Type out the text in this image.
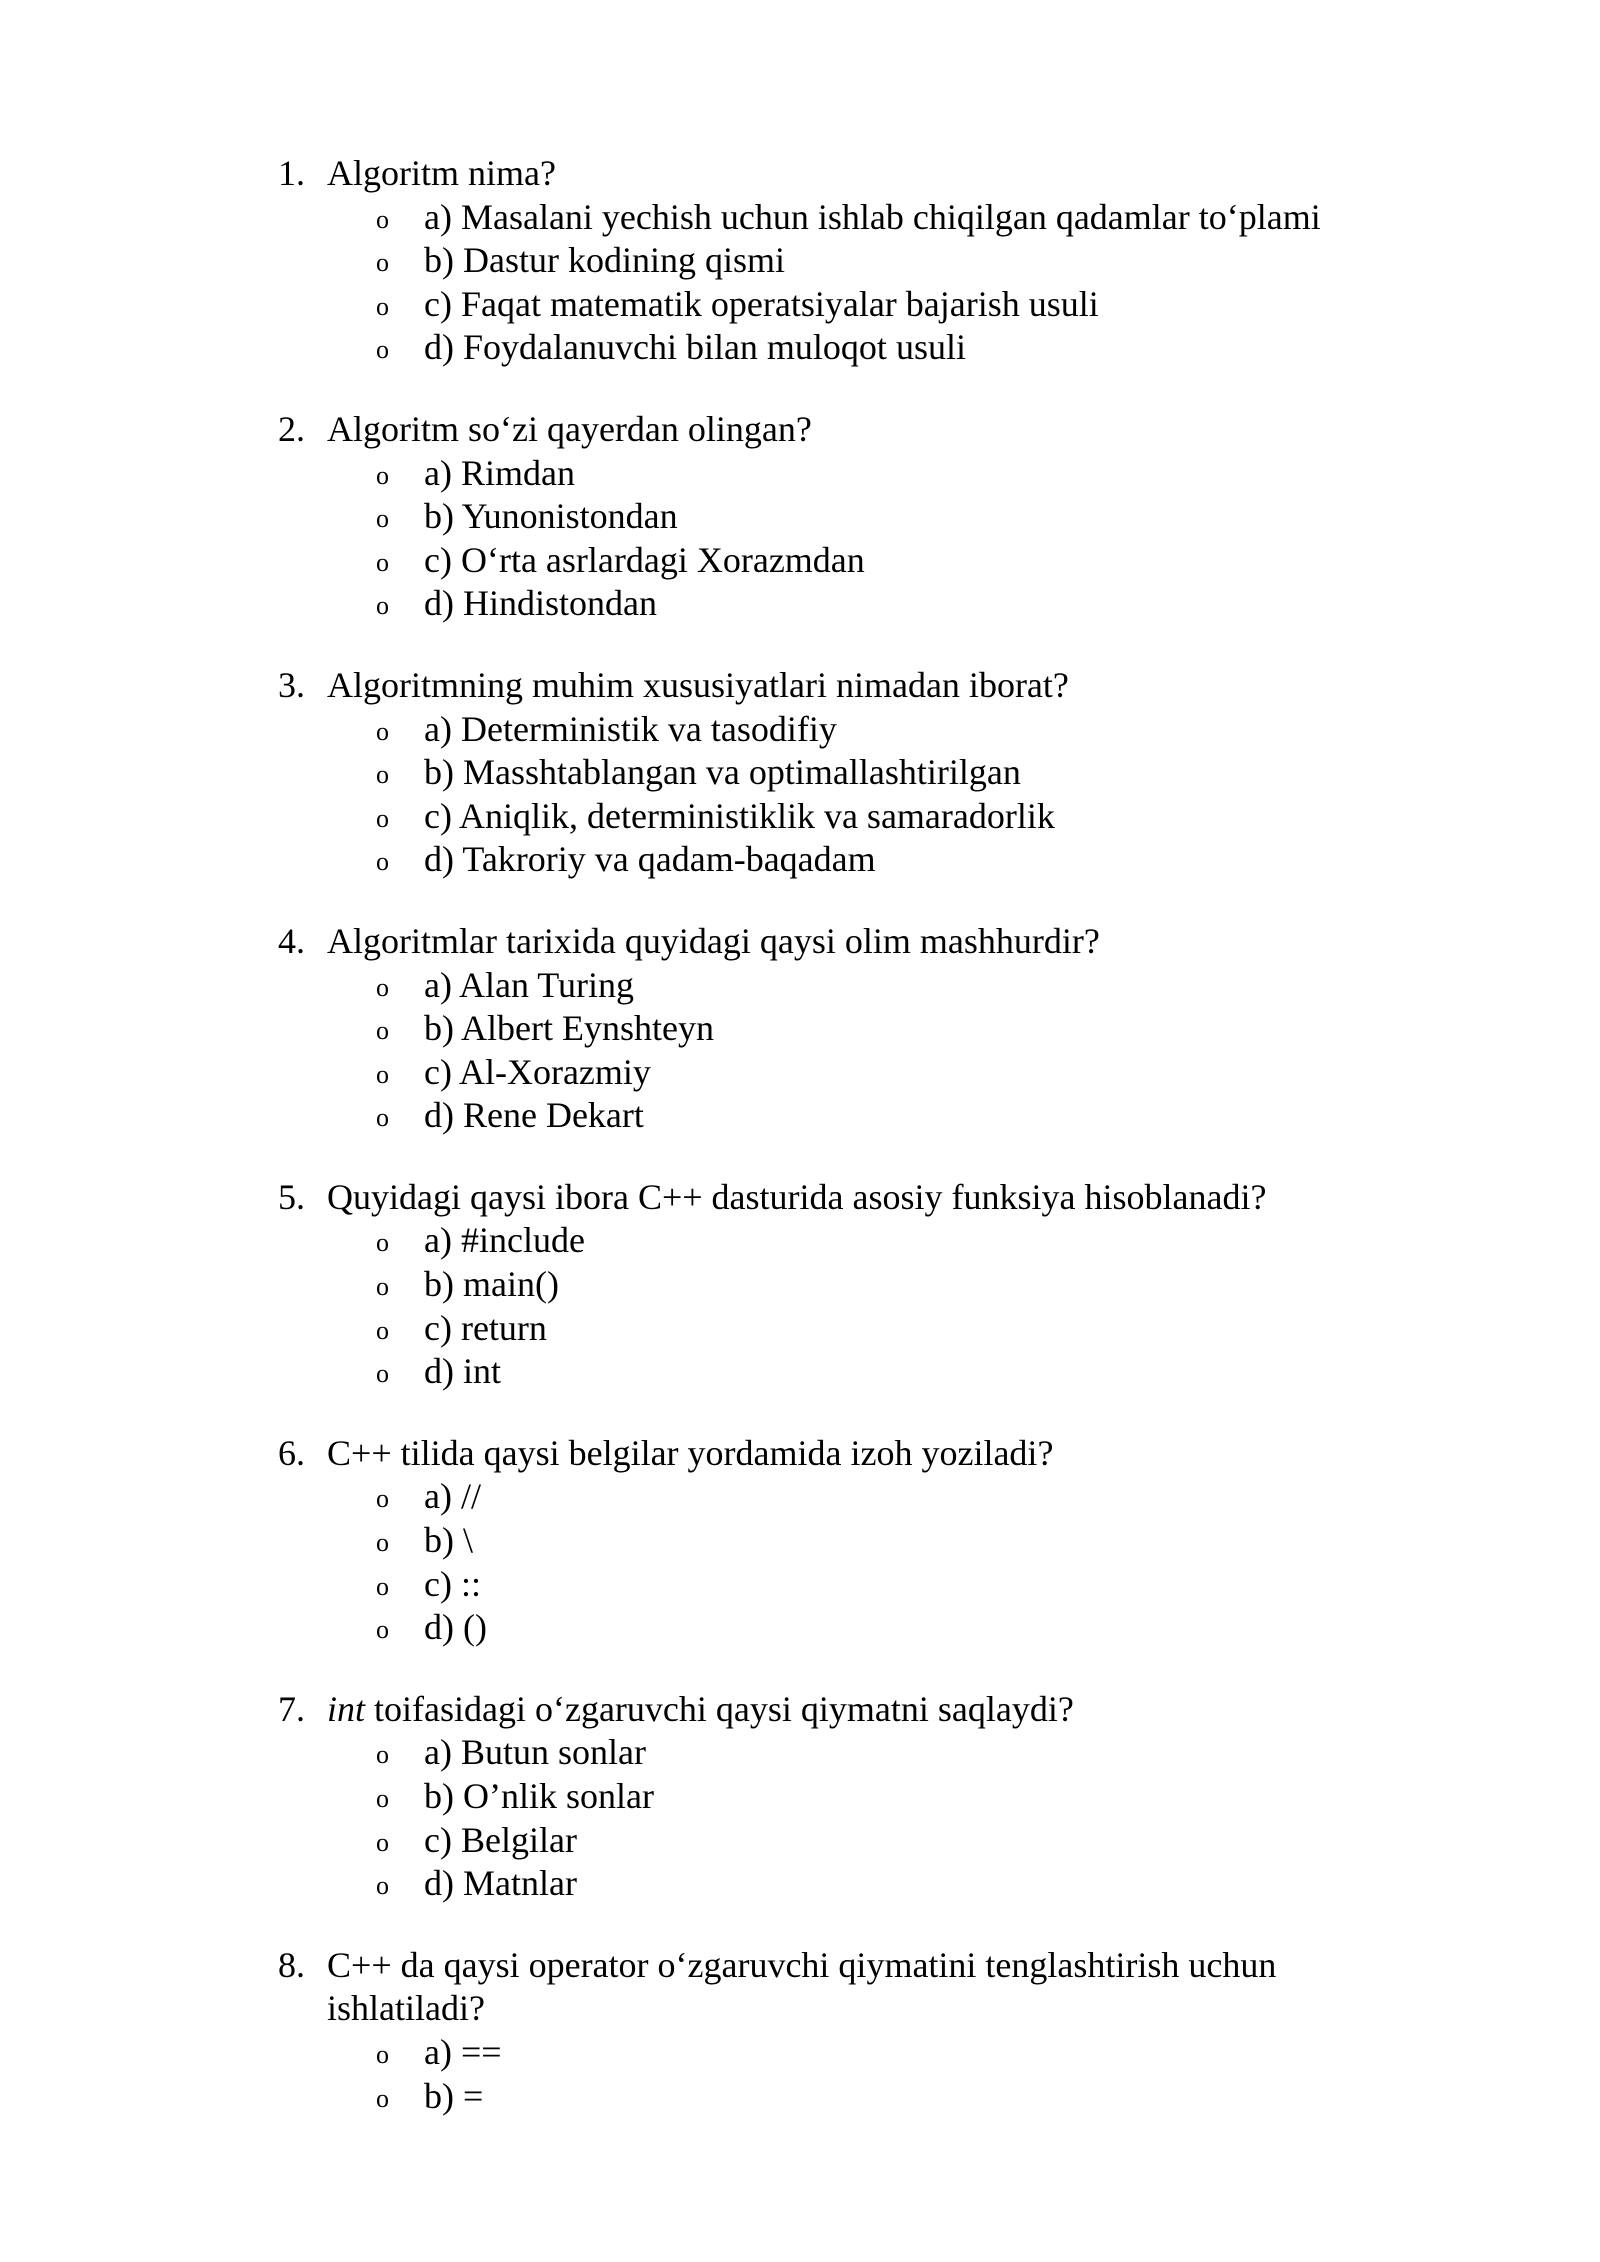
1. Algoritm nima?
o a) Masalani yechish uchun ishlab chiqilgan qadamlar to‘plami
o b) Dastur kodining qismi
o c) Faqat matematik operatsiyalar bajarish usuli
o d) Foydalanuvchi bilan muloqot usuli
2. Algoritm so‘zi qayerdan olingan?
o a) Rimdan
o b) Yunonistondan
o c) O‘rta asrlardagi Xorazmdan
o d) Hindistondan
3. Algoritmning muhim xususiyatlari nimadan iborat?
o a) Deterministik va tasodifiy
o b) Masshtablangan va optimallashtirilgan
o c) Aniqlik, deterministiklik va samaradorlik
o d) Takroriy va qadam-baqadam
4. Algoritmlar tarixida quyidagi qaysi olim mashhurdir?
o a) Alan Turing
o b) Albert Eynshteyn
o c) Al-Xorazmiy
o d) Rene Dekart
5. Quyidagi qaysi ibora C++ dasturida asosiy funksiya hisoblanadi?
o a) #include
o b) main()
o c) return
o d) int
6. C++ tilida qaysi belgilar yordamida izoh yoziladi?
o a) //
o b) \
o c) ::
o d) ()
7. int toifasidagi o‘zgaruvchi qaysi qiymatni saqlaydi?
o a) Butun sonlar
o b) O’nlik sonlar
o c) Belgilar
o d) Matnlar
8. C++ da qaysi operator o‘zgaruvchi qiymatini tenglashtirish uchun ishlatiladi?
o a) ==
o b) =
